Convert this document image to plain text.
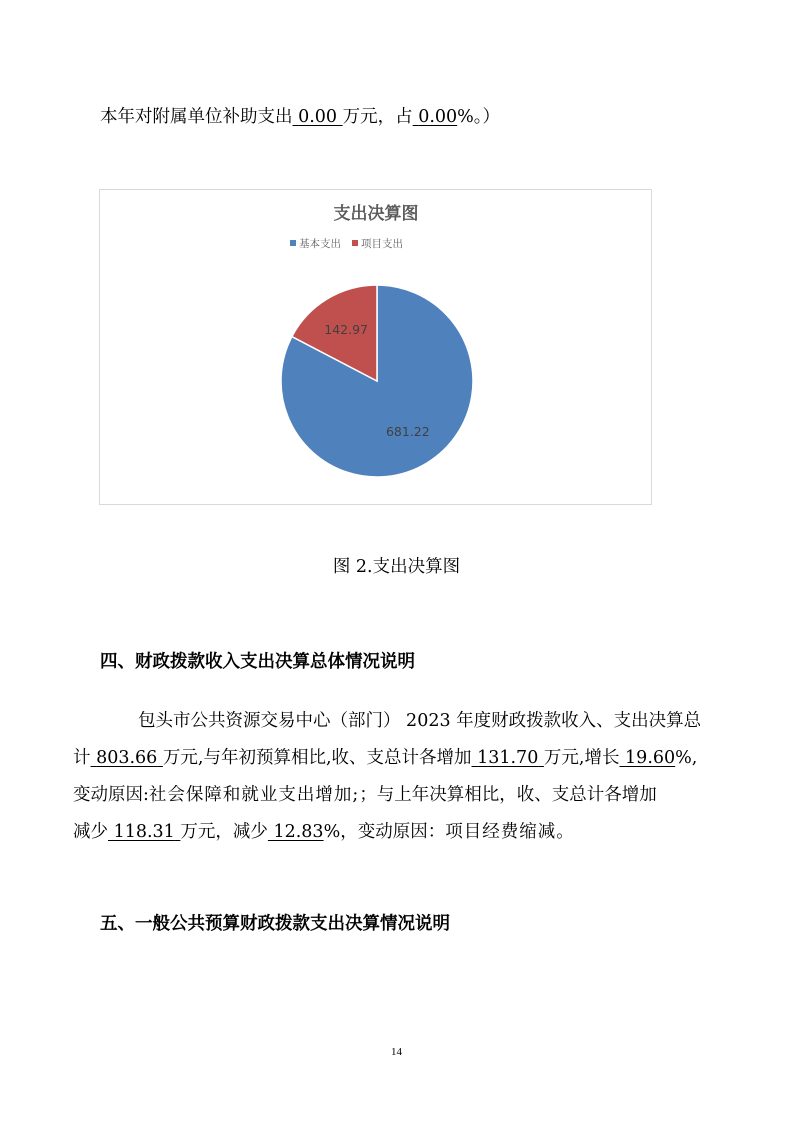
本年对附属单位补助支出 0.00 万元，占 0.00%。）
支出决算图
基本支出 项目支出
681.22
142.97
图 2.支出决算图
四、财政拨款收入支出决算总体情况说明
包头市公共资源交易中心（部门） 2023 年度财政拨款收入、支出决算总
计 803.66 万元,与年初预算相比,收、支总计各增加 131.70 万元,增长 19.60%,
变动原因:社会保障和就业支出增加;；与上年决算相比，收、支总计各增加
减少 118.31 万元，减少 12.83%，变动原因：项目经费缩减。
五、一般公共预算财政拨款支出决算情况说明
14
